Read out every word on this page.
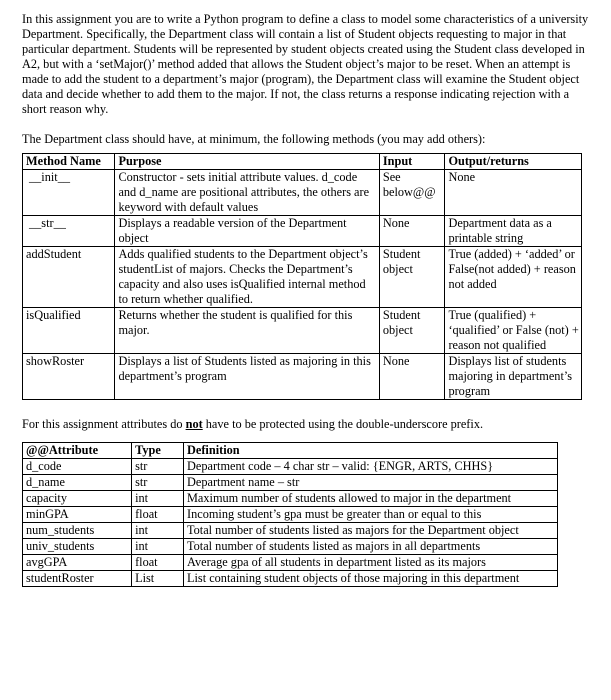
In this assignment you are to write a Python program to define a class to model some characteristics of a university Department. Specifically, the Department class will contain a list of Student objects requesting to major in that particular department. Students will be represented by student objects created using the Student class developed in A2, but with a ‘setMajor()’ method added that allows the Student object’s major to be reset. When an attempt is made to add the student to a department’s major (program), the Department class will examine the Student object data and decide whether to add them to the major. If not, the class returns a response indicating rejection with a short reason why.

The Department class should have, at minimum, the following methods (you may add others):

Method Name	Purpose	Input	Output/returns
__init__	Constructor - sets initial attribute values. d_code and d_name are positional attributes, the others are keyword with default values	See below@@	None
__str__	Displays a readable version of the Department object	None	Department data as a printable string
addStudent	Adds qualified students to the Department object’s studentList of majors. Checks the Department’s capacity and also uses isQualified internal method to return whether qualified.	Student object	True (added) + ‘added’ or False(not added) + reason not added
isQualified	Returns whether the student is qualified for this major.	Student object	True (qualified) + ‘qualified’ or False (not) + reason not qualified
showRoster	Displays a list of Students listed as majoring in this department’s program	None	Displays list of students majoring in department’s program

For this assignment attributes do not have to be protected using the double-underscore prefix.

@@Attribute	Type	Definition
d_code	str	Department code – 4 char str – valid: {ENGR, ARTS, CHHS}
d_name	str	Department name – str
capacity	int	Maximum number of students allowed to major in the department
minGPA	float	Incoming student’s gpa must be greater than or equal to this
num_students	int	Total number of students listed as majors for the Department object
univ_students	int	Total number of students listed as majors in all departments
avgGPA	float	Average gpa of all students in department listed as its majors
studentRoster	List	List containing student objects of those majoring in this department
